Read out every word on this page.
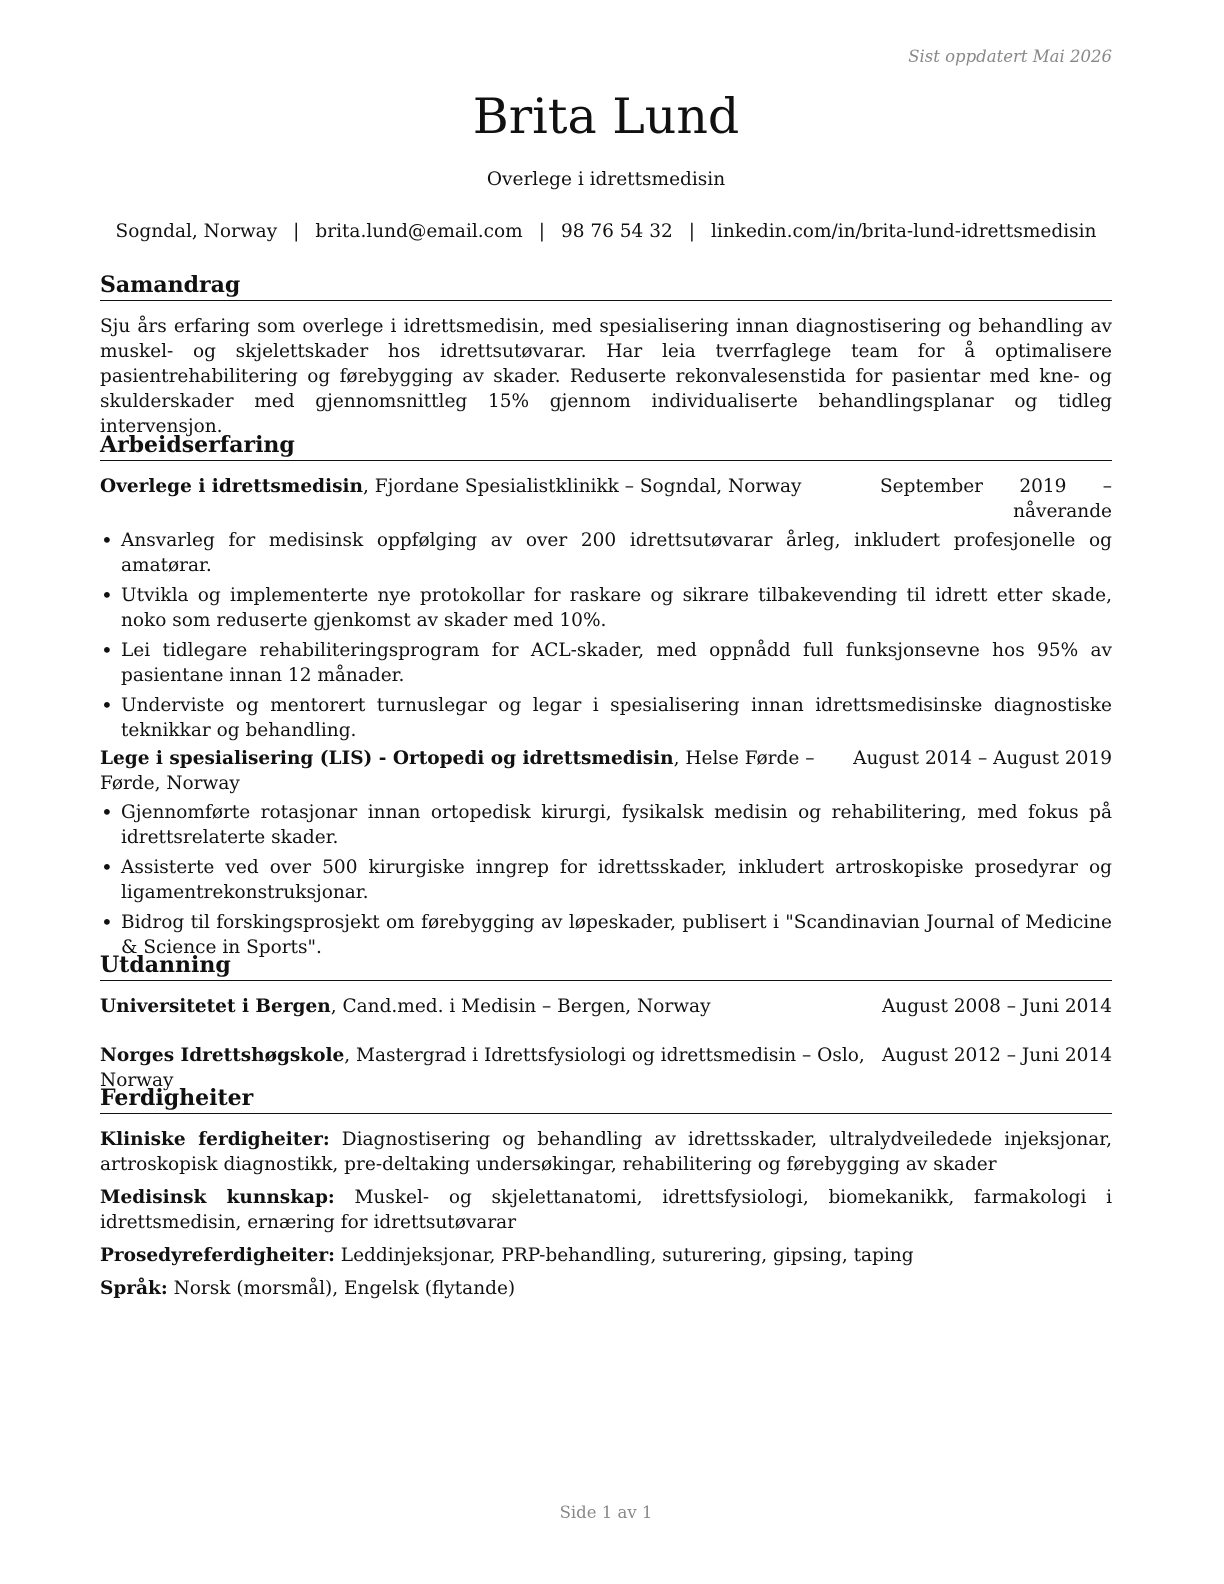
Sist oppdatert Mai 2026
Brita Lund
Overlege i idrettsmedisin
Sogndal, Norway | brita.lund@email.com | 98 76 54 32 | linkedin.com/in/brita-lund-idrettsmedisin
Samandrag
Sju års erfaring som overlege i idrettsmedisin, med spesialisering innan diagnostisering og behandling av muskel- og skjelettskader hos idrettsutøvarar. Har leia tverrfaglege team for å optimalisere pasientrehabilitering og førebygging av skader. Reduserte rekonvalesenstida for pasientar med kne- og skulderskader med gjennomsnittleg 15% gjennom individualiserte behandlingsplanar og tidleg intervensjon.
Arbeidserfaring
Overlege i idrettsmedisin, Fjordane Spesialistklinikk – Sogndal, Norway	September 2019 – nåverande
• Ansvarleg for medisinsk oppfølging av over 200 idrettsutøvarar årleg, inkludert profesjonelle og amatørar.
• Utvikla og implementerte nye protokollar for raskare og sikrare tilbakevending til idrett etter skade, noko som reduserte gjenkomst av skader med 10%.
• Lei tidlegare rehabiliteringsprogram for ACL-skader, med oppnådd full funksjonsevne hos 95% av pasientane innan 12 månader.
• Underviste og mentorert turnuslegar og legar i spesialisering innan idrettsmedisinske diagnostiske teknikkar og behandling.
Lege i spesialisering (LIS) - Ortopedi og idrettsmedisin, Helse Førde – Førde, Norway
August 2014 – August 2019
• Gjennomførte rotasjonar innan ortopedisk kirurgi, fysikalsk medisin og rehabilitering, med fokus på idrettsrelaterte skader.
• Assisterte ved over 500 kirurgiske inngrep for idrettsskader, inkludert artroskopiske prosedyrar og ligamentrekonstruksjonar.
• Bidrog til forskingsprosjekt om førebygging av løpeskader, publisert i "Scandinavian Journal of Medicine & Science in Sports".
Utdanning
Universitetet i Bergen, Cand.med. i Medisin – Bergen, Norway	August 2008 – Juni 2014
Norges Idrettshøgskole, Mastergrad i Idrettsfysiologi og idrettsmedisin – Oslo, Norway
August 2012 – Juni 2014
Ferdigheiter
Kliniske ferdigheiter: Diagnostisering og behandling av idrettsskader, ultralydveiledede injeksjonar, artroskopisk diagnostikk, pre-deltaking undersøkingar, rehabilitering og førebygging av skader
Medisinsk kunnskap: Muskel- og skjelettanatomi, idrettsfysiologi, biomekanikk, farmakologi i idrettsmedisin, ernæring for idrettsutøvarar
Prosedyreferdigheiter: Leddinjeksjonar, PRP-behandling, suturering, gipsing, taping
Språk: Norsk (morsmål), Engelsk (flytande)
Side 1 av 1
